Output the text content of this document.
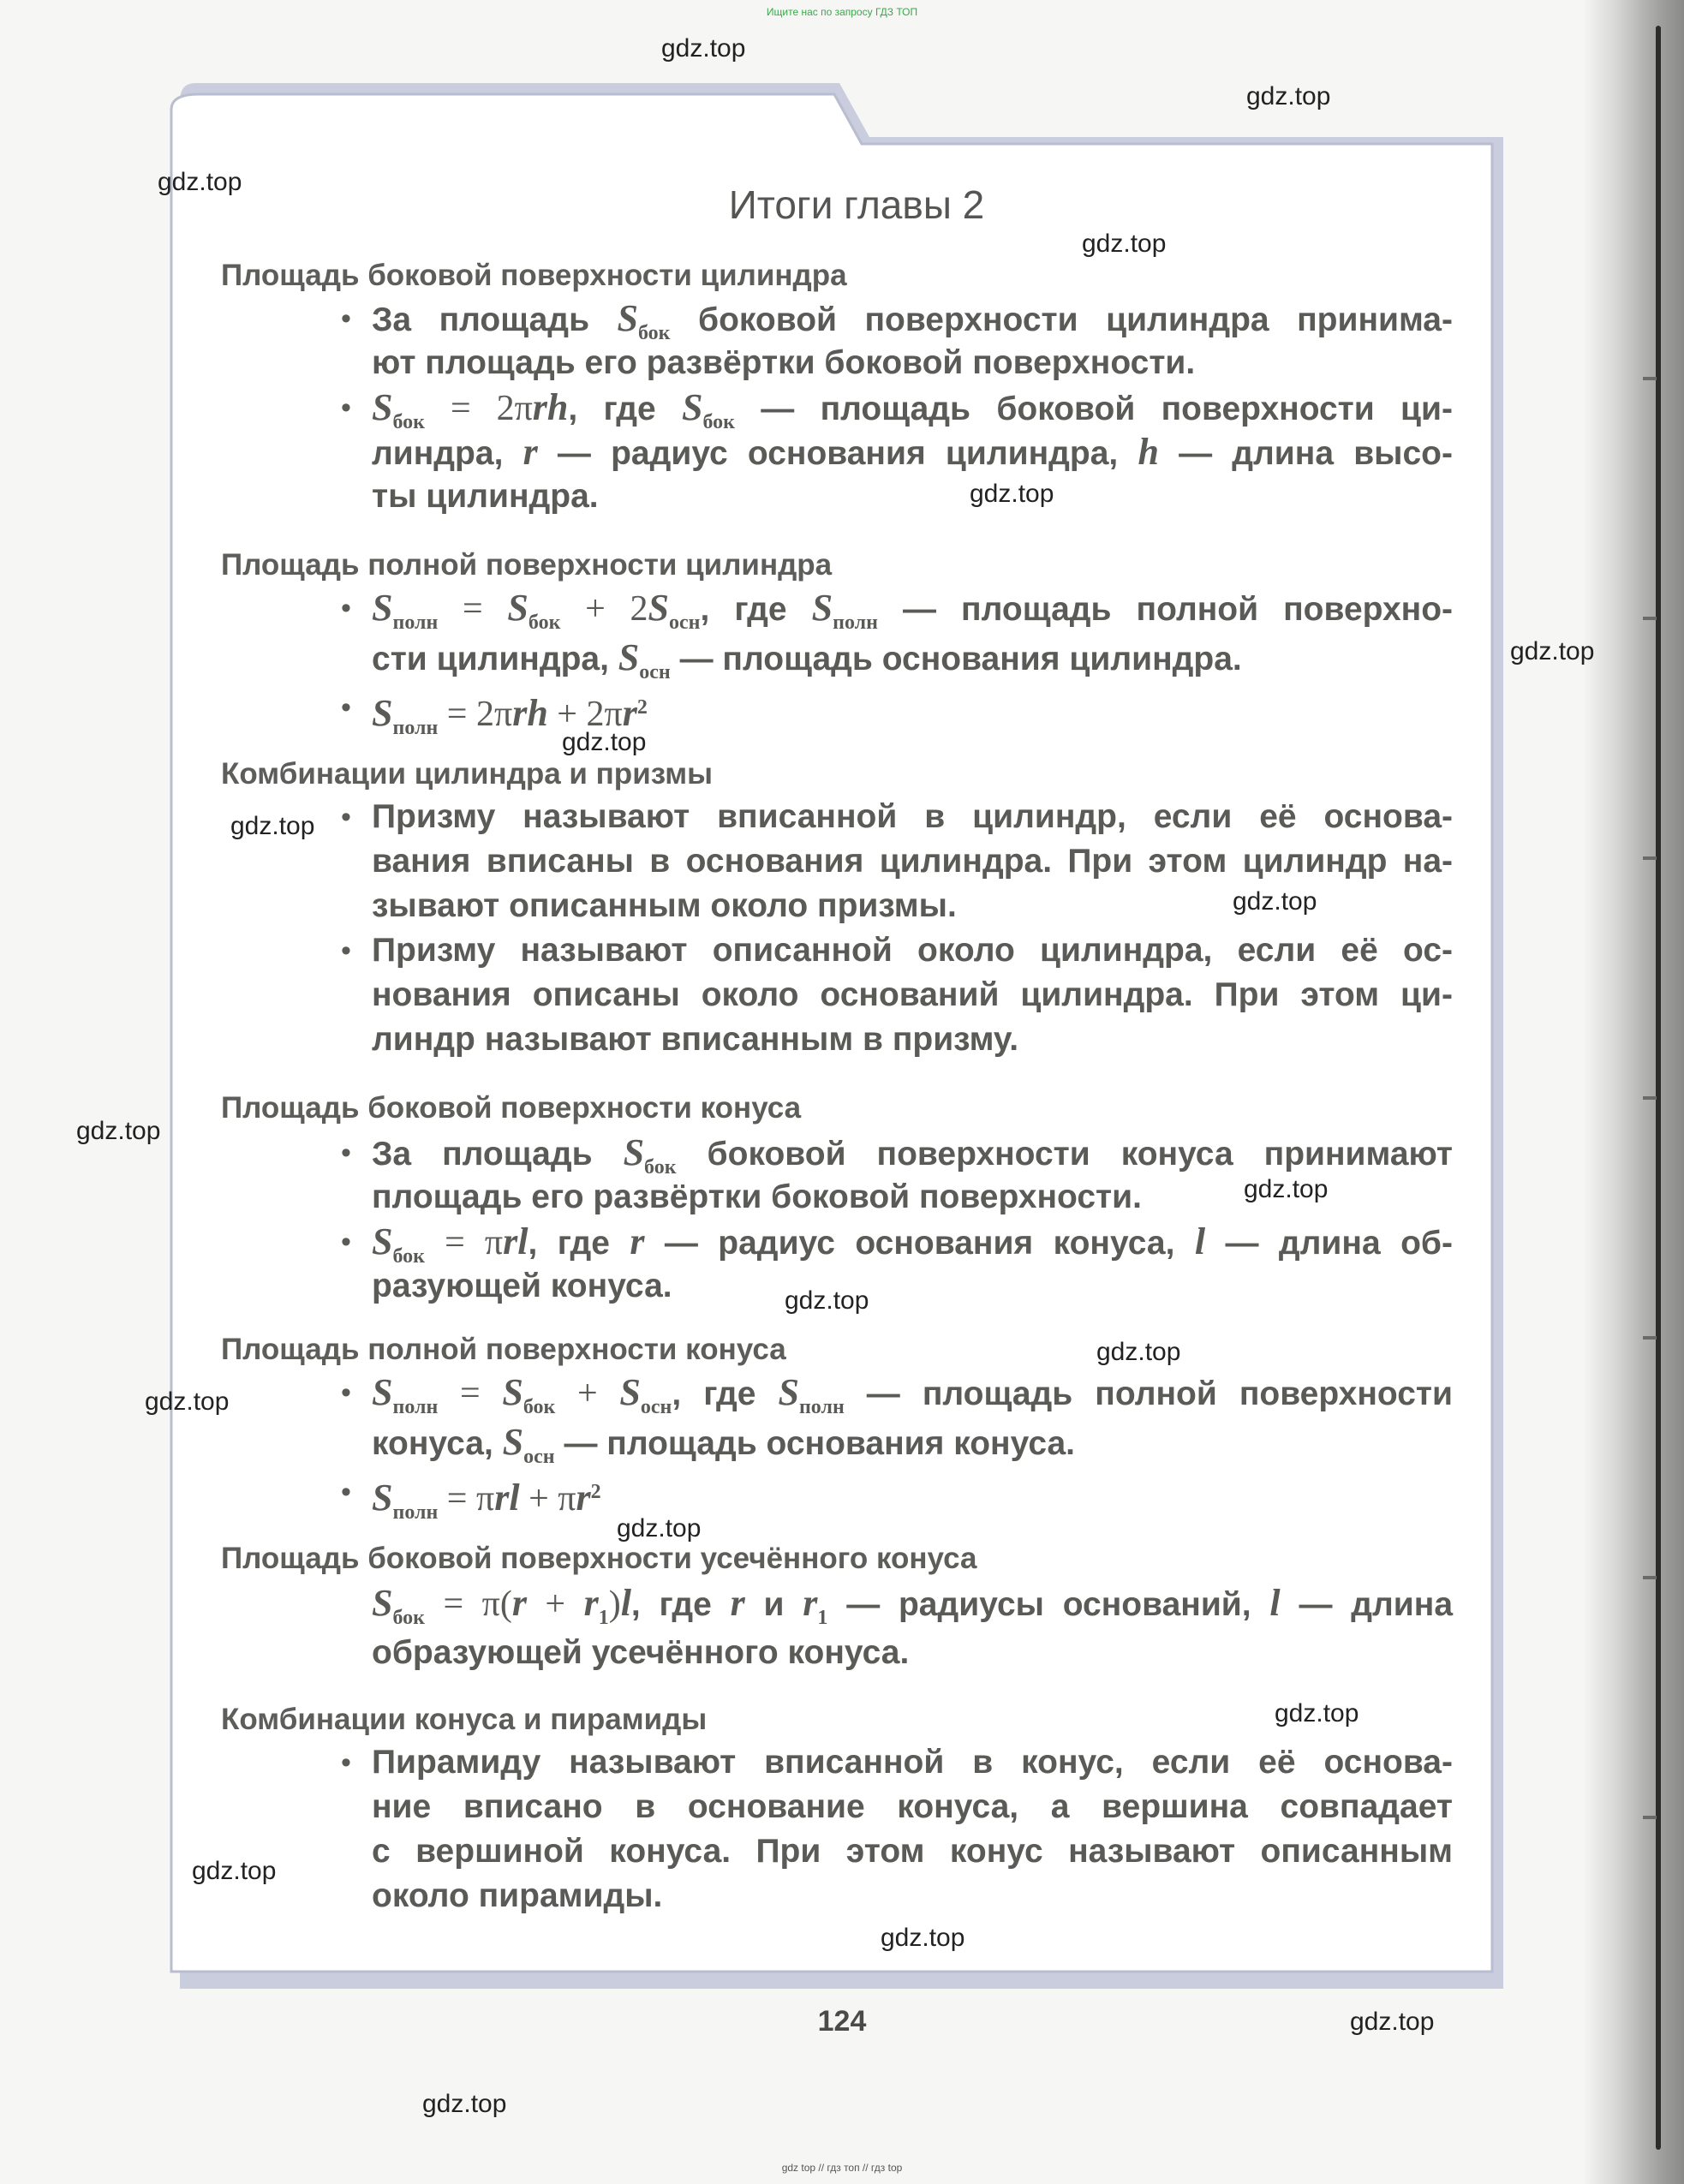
Ищите нас по запросу ГДЗ ТОП
124
Итоги главы 2
Площадь боковой поверхности цилиндра
• За площадь $S_{бок}$ боковой поверхности цилиндра принима-
ют площадь его развёртки боковой поверхности.
• $S_{бок} = 2\pi rh$, где $S_{бок}$ — площадь боковой поверхности ци-
линдра, r — радиус основания цилиндра, h — длина высо-
ты цилиндра.
Площадь полной поверхности цилиндра
• $S_{полн} = S_{бок} + 2S_{осн}$, где $S_{полн}$ — площадь полной поверхно-
сти цилиндра, $S_{осн}$ — площадь основания цилиндра.
• $S_{полн} = 2\pi rh + 2\pi r^2$
Комбинации цилиндра и призмы
• Призму называют вписанной в цилиндр, если её основа-
вания вписаны в основания цилиндра. При этом цилиндр на-
зывают описанным около призмы.
• Призму называют описанной около цилиндра, если её ос-
нования описаны около оснований цилиндра. При этом ци-
линдр называют вписанным в призму.
Площадь боковой поверхности конуса
• За площадь $S_{бок}$ боковой поверхности конуса принимают
площадь его развёртки боковой поверхности.
• $S_{бок} = \pi rl$, где r — радиус основания конуса, l — длина об-
разующей конуса.
Площадь полной поверхности конуса
• $S_{полн} = S_{бок} + S_{осн}$, где $S_{полн}$ — площадь полной поверхности
конуса, $S_{осн}$ — площадь основания конуса.
• $S_{полн} = \pi rl + \pi r^2$
Площадь боковой поверхности усечённого конуса
$S_{бок} = \pi(r + r_1)l$, где r и $r_1$ — радиусы оснований, l — длина
образующей усечённого конуса.
Комбинации конуса и пирамиды
• Пирамиду называют вписанной в конус, если её основа-
ние вписано в основание конуса, а вершина совпадает
с вершиной конуса. При этом конус называют описанным
около пирамиды.
gdz.top
gdz.top
gdz.top
gdz.top
gdz.top
gdz.top
gdz.top
gdz.top
gdz.top
gdz.top
gdz.top
gdz.top
gdz.top
gdz.top
gdz.top
gdz.top
gdz.top
gdz.top
gdz.top
gdz.top
gdz top // гдз топ // гдз top
